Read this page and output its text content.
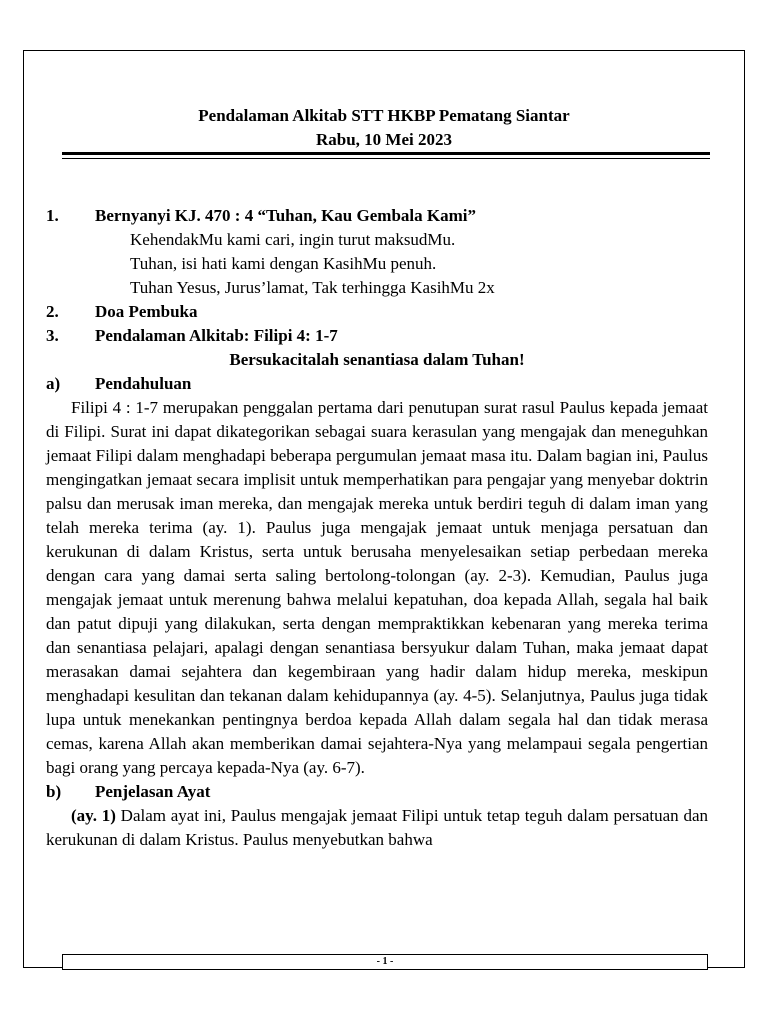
Pendalaman Alkitab STT HKBP Pematang Siantar
Rabu, 10 Mei 2023
1.	Bernyanyi KJ. 470 : 4 “Tuhan, Kau Gembala Kami”
KehendakMu kami cari, ingin turut maksudMu.
Tuhan, isi hati kami dengan KasihMu penuh.
Tuhan Yesus, Jurus’lamat, Tak terhingga KasihMu 2x
2.	Doa Pembuka
3.	Pendalaman Alkitab: Filipi 4: 1-7
Bersukacitalah senantiasa dalam Tuhan!
a)	Pendahuluan
Filipi 4 : 1-7 merupakan penggalan pertama dari penutupan surat rasul Paulus kepada jemaat di Filipi. Surat ini dapat dikategorikan sebagai suara kerasulan yang mengajak dan meneguhkan jemaat Filipi dalam menghadapi beberapa pergumulan jemaat masa itu. Dalam bagian ini, Paulus mengingatkan jemaat secara implisit untuk memperhatikan para pengajar yang menyebar doktrin palsu dan merusak iman mereka, dan mengajak mereka untuk berdiri teguh di dalam iman yang telah mereka terima (ay. 1). Paulus juga mengajak jemaat untuk menjaga persatuan dan kerukunan di dalam Kristus, serta untuk berusaha menyelesaikan setiap perbedaan mereka dengan cara yang damai serta saling bertolong-tolongan (ay. 2-3). Kemudian, Paulus juga mengajak jemaat untuk merenung bahwa melalui kepatuhan, doa kepada Allah, segala hal baik dan patut dipuji yang dilakukan, serta dengan mempraktikkan kebenaran yang mereka terima dan senantiasa pelajari, apalagi dengan senantiasa bersyukur dalam Tuhan, maka jemaat dapat merasakan damai sejahtera dan kegembiraan yang hadir dalam hidup mereka, meskipun menghadapi kesulitan dan tekanan dalam kehidupannya (ay. 4-5). Selanjutnya, Paulus juga tidak lupa untuk menekankan pentingnya berdoa kepada Allah dalam segala hal dan tidak merasa cemas, karena Allah akan memberikan damai sejahtera-Nya yang melampaui segala pengertian bagi orang yang percaya kepada-Nya (ay. 6-7).
b)	Penjelasan Ayat
(ay. 1) Dalam ayat ini, Paulus mengajak jemaat Filipi untuk tetap teguh dalam persatuan dan kerukunan di dalam Kristus. Paulus menyebutkan bahwa
- 1 -
